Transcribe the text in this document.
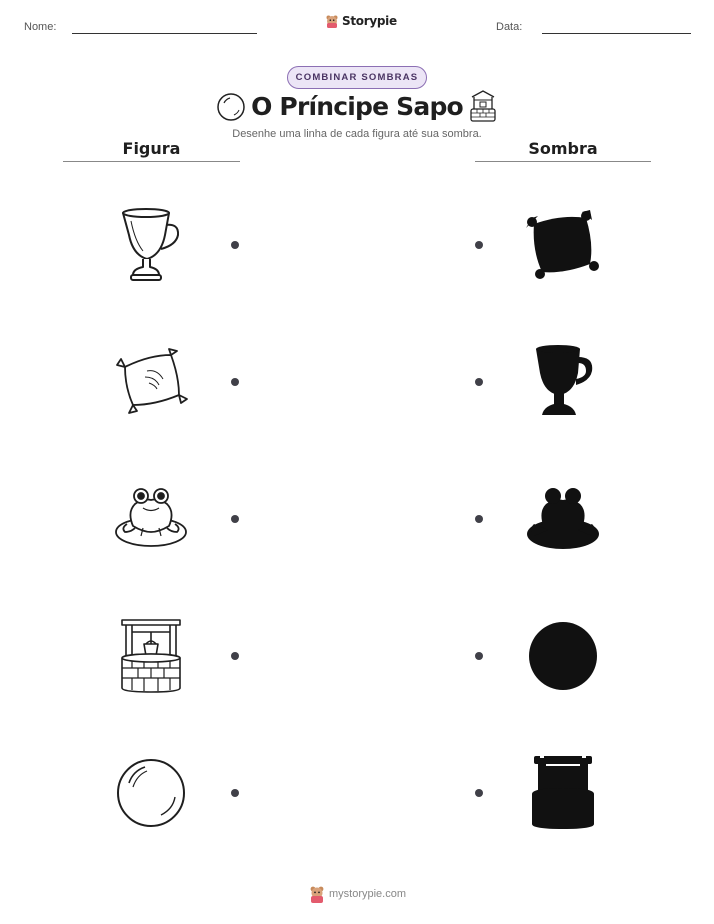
Nome:	Storypie	Data:
COMBINAR SOMBRAS
O Príncipe Sapo
Desenhe uma linha de cada figura até sua sombra.
Figura	Sombra
mystorypie.com
